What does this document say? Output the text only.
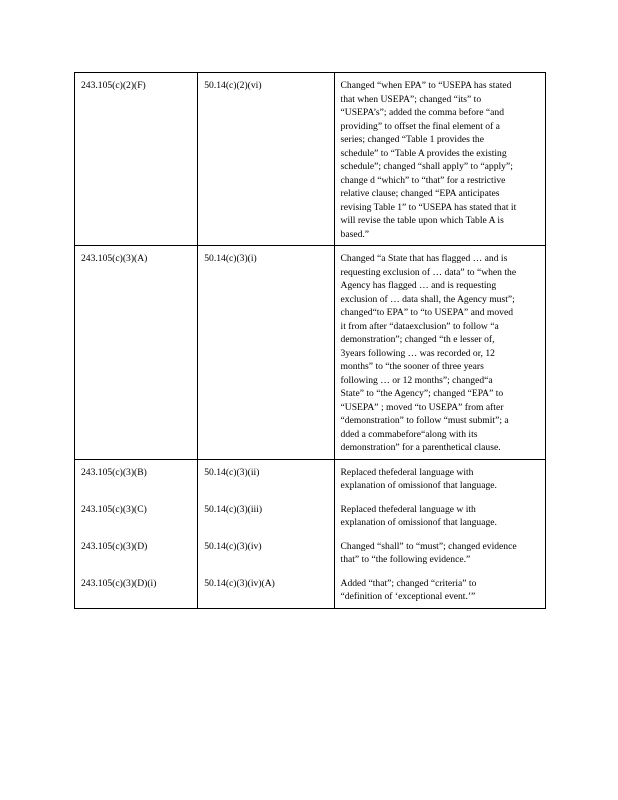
243.105(c)(2)(F)	50.14(c)(2)(vi)	Changed “when EPA” to “USEPA has stated that when USEPA”; changed “its” to “USEPA’s”; added the comma before “and providing” to offset the final element of a series; changed “Table 1 provides the schedule” to “Table A provides the existing schedule”; changed “shall apply” to “apply”; change d “which” to “that” for a restrictive relative clause; changed “EPA anticipates revising Table 1” to “USEPA has stated that it will revise the table upon which Table A is based.”

243.105(c)(3)(A)	50.14(c)(3)(i)	Changed “a State that has flagged … and is requesting exclusion of … data” to “when the Agency has flagged … and is requesting exclusion of … data shall, the Agency must”; changed“to EPA” to “to USEPA” and moved it from after “dataexclusion” to follow “a demonstration”; changed “th e lesser of, 3years following … was recorded or, 12 months” to “the sooner of three years following … or 12 months”; changed“a State” to “the Agency”; changed “EPA” to “USEPA” ; moved “to USEPA” from after “demonstration” to follow “must submit”; a dded a commabefore“along with its demonstration” for a parenthetical clause.

243.105(c)(3)(B)	50.14(c)(3)(ii)	Replaced thefederal language with explanation of omissionof that language.

243.105(c)(3)(C)	50.14(c)(3)(iii)	Replaced thefederal language w ith explanation of omissionof that language.

243.105(c)(3)(D)	50.14(c)(3)(iv)	Changed “shall” to “must”; changed evidence that” to “the following evidence.”

243.105(c)(3)(D)(i)	50.14(c)(3)(iv)(A)	Added “that”; changed “criteria” to “definition of ‘exceptional event.’”
